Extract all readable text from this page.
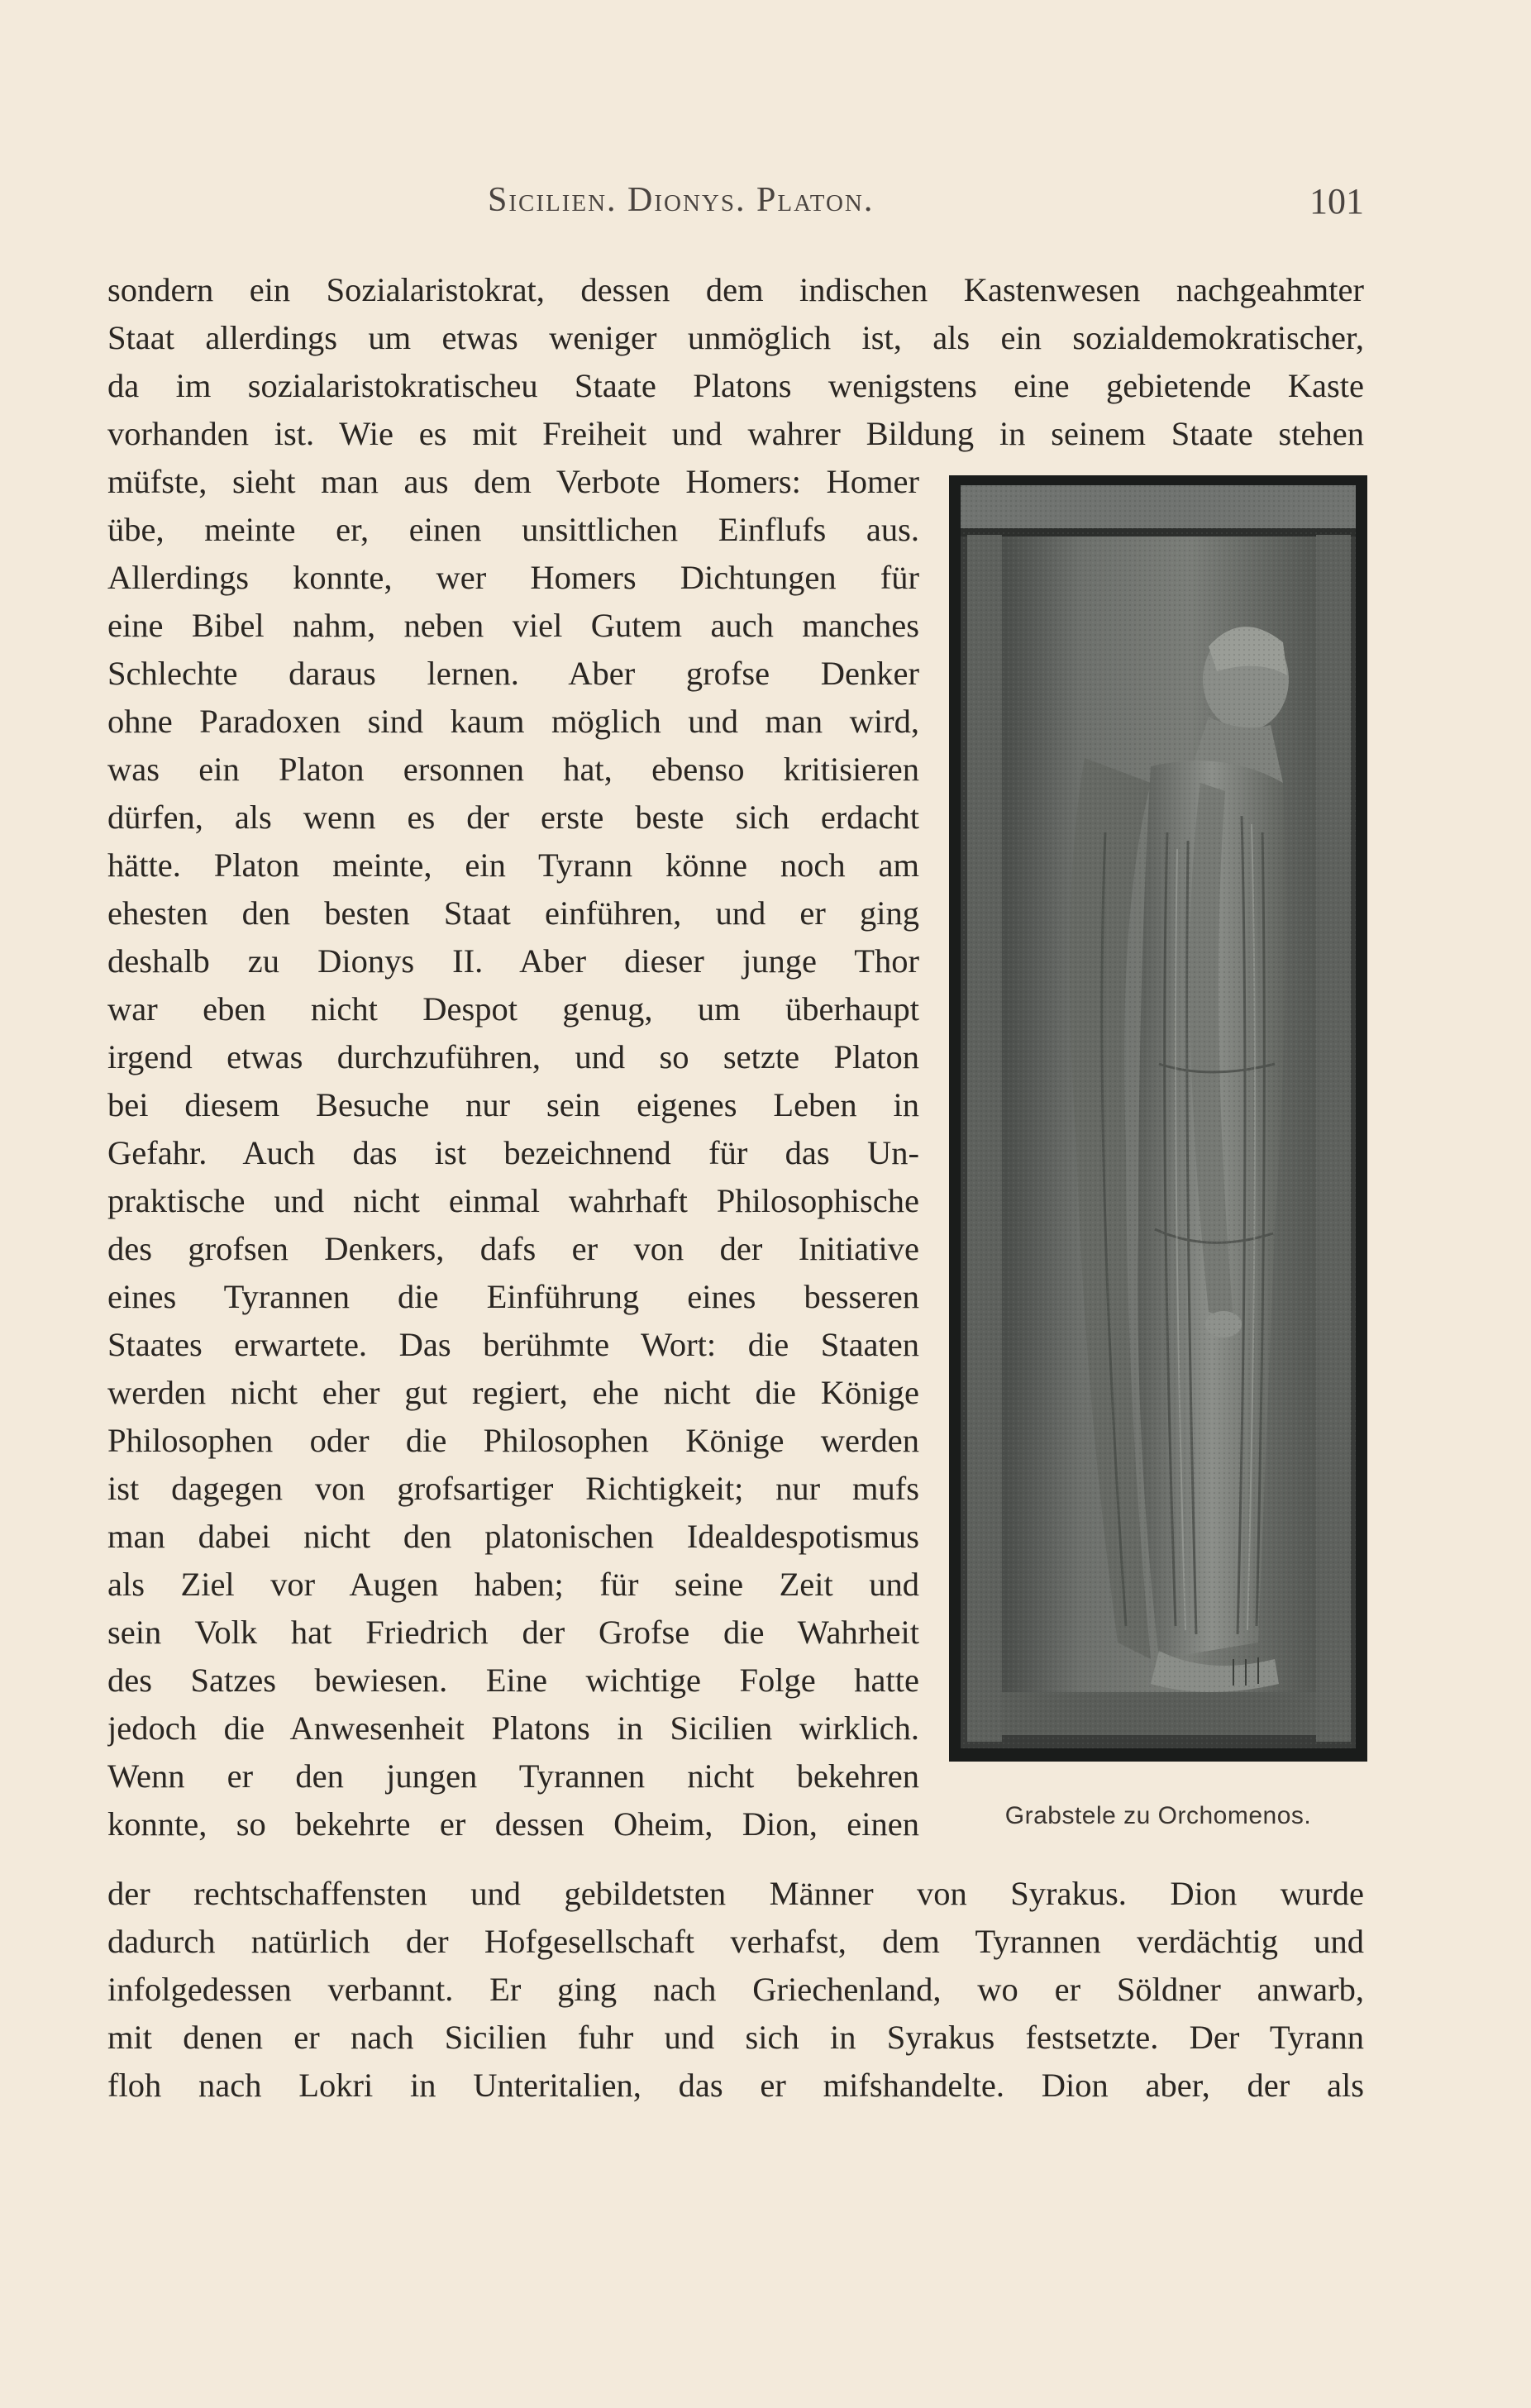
Sicilien. Dionys. Platon.	101
sondern ein Sozialaristokrat, dessen dem indischen Kastenwesen nachgeahmter
Staat allerdings um etwas weniger unmöglich ist, als ein sozialdemokratischer,
da im sozialaristokratischeu Staate Platons wenigstens eine gebietende Kaste
vorhanden ist. Wie es mit Freiheit und wahrer Bildung in seinem Staate stehen
müfste, sieht man aus dem Verbote Homers: Homer
übe, meinte er, einen unsittlichen Einflufs aus.
Allerdings konnte, wer Homers Dichtungen für
eine Bibel nahm, neben viel Gutem auch manches
Schlechte daraus lernen. Aber grofse Denker
ohne Paradoxen sind kaum möglich und man wird,
was ein Platon ersonnen hat, ebenso kritisieren
dürfen, als wenn es der erste beste sich erdacht
hätte. Platon meinte, ein Tyrann könne noch am
ehesten den besten Staat einführen, und er ging
deshalb zu Dionys II. Aber dieser junge Thor
war eben nicht Despot genug, um überhaupt
irgend etwas durchzuführen, und so setzte Platon
bei diesem Besuche nur sein eigenes Leben in
Gefahr. Auch das ist bezeichnend für das Un-
praktische und nicht einmal wahrhaft Philosophische
des grofsen Denkers, dafs er von der Initiative
eines Tyrannen die Einführung eines besseren
Staates erwartete. Das berühmte Wort: die Staaten
werden nicht eher gut regiert, ehe nicht die Könige
Philosophen oder die Philosophen Könige werden
ist dagegen von grofsartiger Richtigkeit; nur mufs
man dabei nicht den platonischen Idealdespotismus
als Ziel vor Augen haben; für seine Zeit und
sein Volk hat Friedrich der Grofse die Wahrheit
des Satzes bewiesen. Eine wichtige Folge hatte
jedoch die Anwesenheit Platons in Sicilien wirklich.
Wenn er den jungen Tyrannen nicht bekehren
konnte, so bekehrte er dessen Oheim, Dion, einen
der rechtschaffensten und gebildetsten Männer von Syrakus. Dion wurde
dadurch natürlich der Hofgesellschaft verhafst, dem Tyrannen verdächtig und
infolgedessen verbannt. Er ging nach Griechenland, wo er Söldner anwarb,
mit denen er nach Sicilien fuhr und sich in Syrakus festsetzte. Der Tyrann
floh nach Lokri in Unteritalien, das er mifshandelte. Dion aber, der als
Grabstele zu Orchomenos.
